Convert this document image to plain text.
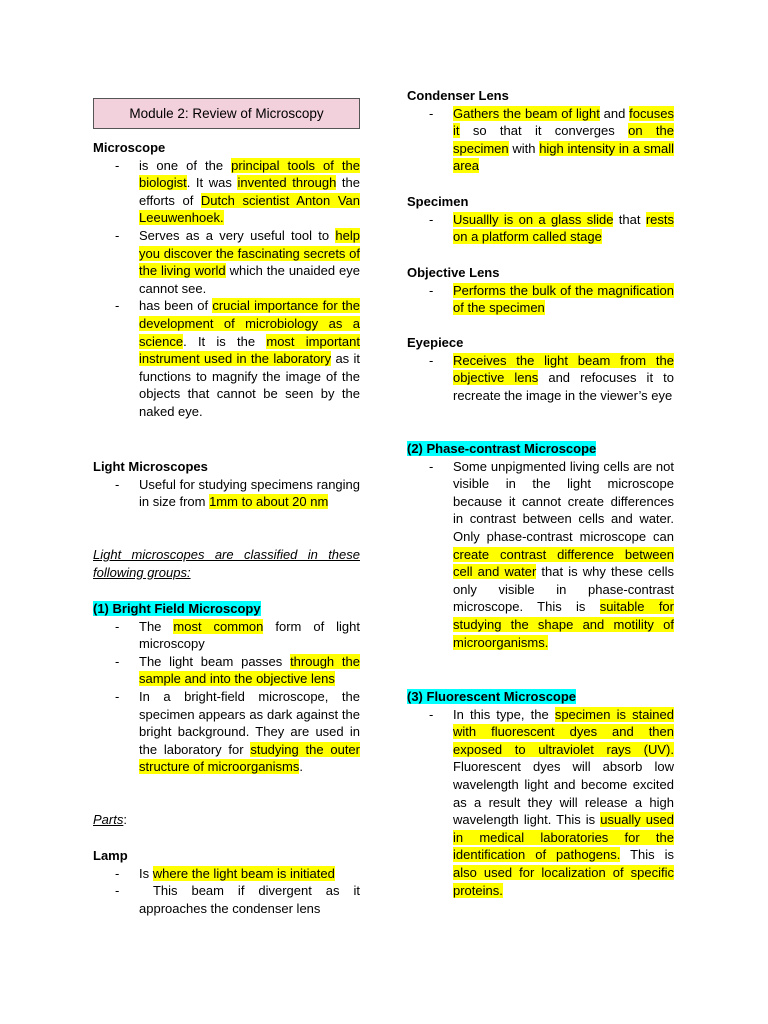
Module 2: Review of Microscopy
Microscope
- is one of the principal tools of the biologist. It was invented through the efforts of Dutch scientist Anton Van Leeuwenhoek.
- Serves as a very useful tool to help you discover the fascinating secrets of the living world which the unaided eye cannot see.
- has been of crucial importance for the development of microbiology as a science. It is the most important instrument used in the laboratory as it functions to magnify the image of the objects that cannot be seen by the naked eye.
Light Microscopes
- Useful for studying specimens ranging in size from 1mm to about 20 nm
Light microscopes are classified in these following groups:
(1) Bright Field Microscopy
- The most common form of light microscopy
- The light beam passes through the sample and into the objective lens
- In a bright-field microscope, the specimen appears as dark against the bright background. They are used in the laboratory for studying the outer structure of microorganisms.
Parts:
Lamp
- Is where the light beam is initiated
- This beam if divergent as it approaches the condenser lens
Condenser Lens
- Gathers the beam of light and focuses it so that it converges on the specimen with high intensity in a small area
Specimen
- Usuallly is on a glass slide that rests on a platform called stage
Objective Lens
- Performs the bulk of the magnification of the specimen
Eyepiece
- Receives the light beam from the objective lens and refocuses it to recreate the image in the viewer’s eye
(2) Phase-contrast Microscope
- Some unpigmented living cells are not visible in the light microscope because it cannot create differences in contrast between cells and water. Only phase-contrast microscope can create contrast difference between cell and water that is why these cells only visible in phase-contrast microscope. This is suitable for studying the shape and motility of microorganisms.
(3) Fluorescent Microscope
- In this type, the specimen is stained with fluorescent dyes and then exposed to ultraviolet rays (UV). Fluorescent dyes will absorb low wavelength light and become excited as a result they will release a high wavelength light. This is usually used in medical laboratories for the identification of pathogens. This is also used for localization of specific proteins.
